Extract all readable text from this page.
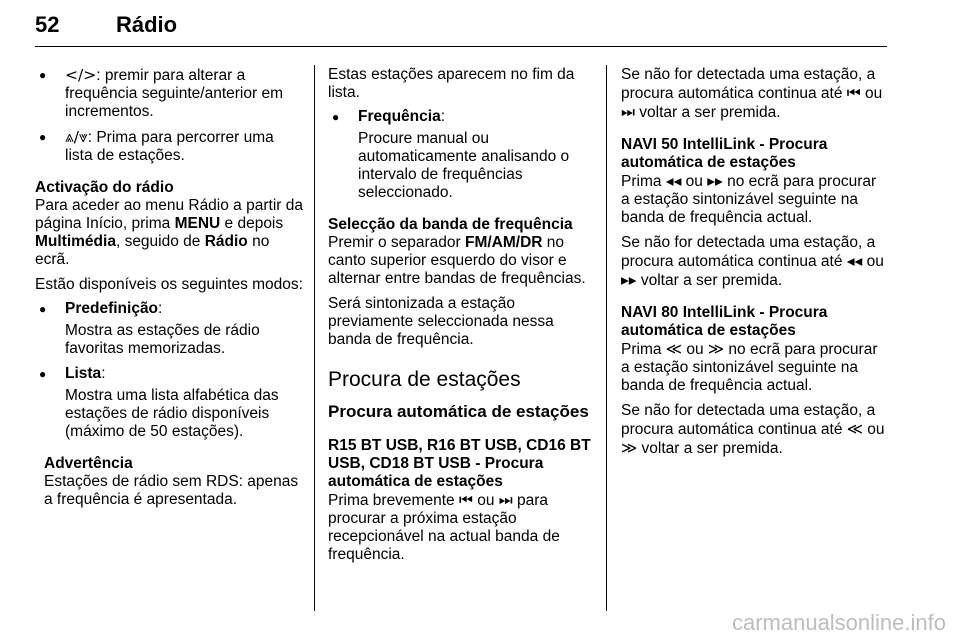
52	Rádio
● </>: premir para alterar a frequência seguinte/anterior em incrementos.
● ⩓/⩔: Prima para percorrer uma lista de estações.

Activação do rádio

Para aceder ao menu Rádio a partir da página Início, prima MENU e depois Multimédia, seguido de Rádio no ecrã.

Estão disponíveis os seguintes modos:

● Predefinição:

Mostra as estações de rádio favoritas memorizadas.

● Lista:

Mostra uma lista alfabética das estações de rádio disponíveis (máximo de 50 estações).

Advertência

Estações de rádio sem RDS: apenas a frequência é apresentada.

Estas estações aparecem no fim da lista.

● Frequência:

Procure manual ou automaticamente analisando o intervalo de frequências seleccionado.

Selecção da banda de frequência

Premir o separador FM/AM/DR no canto superior esquerdo do visor e alternar entre bandas de frequências.

Será sintonizada a estação previamente seleccionada nessa banda de frequência.

Procura de estações
Procura automática de estações

R15 BT USB, R16 BT USB, CD16 BT USB, CD18 BT USB - Procura automática de estações

Prima brevemente ⏮ ou ⏭ para procurar a próxima estação recepcionável na actual banda de frequência.

Se não for detectada uma estação, a procura automática continua até ⏮ ou ⏭ voltar a ser premida.

NAVI 50 IntelliLink - Procura automática de estações

Prima ◂◂ ou ▸▸ no ecrã para procurar a estação sintonizável seguinte na banda de frequência actual.

Se não for detectada uma estação, a procura automática continua até ◂◂ ou ▸▸ voltar a ser premida.

NAVI 80 IntelliLink - Procura automática de estações

Prima ≪ ou ≫ no ecrã para procurar a estação sintonizável seguinte na banda de frequência actual.

Se não for detectada uma estação, a procura automática continua até ≪ ou ≫ voltar a ser premida.

carmanualsonline.info
